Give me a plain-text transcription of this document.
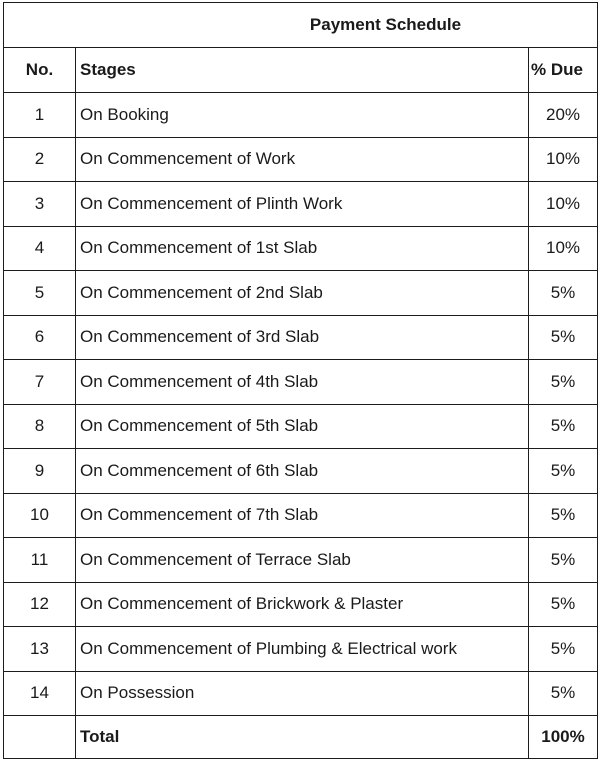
Payment Schedule		
No.	Stages	% Due
1	On Booking	20%
2	On Commencement of Work	10%
3	On Commencement of Plinth Work	10%
4	On Commencement of 1st Slab	10%
5	On Commencement of 2nd Slab	5%
6	On Commencement of 3rd Slab	5%
7	On Commencement of 4th Slab	5%
8	On Commencement of 5th Slab	5%
9	On Commencement of 6th Slab	5%
10	On Commencement of 7th Slab	5%
11	On Commencement of Terrace Slab	5%
12	On Commencement of Brickwork & Plaster	5%
13	On Commencement of Plumbing & Electrical work	5%
14	On Possession	5%
	Total	100%
